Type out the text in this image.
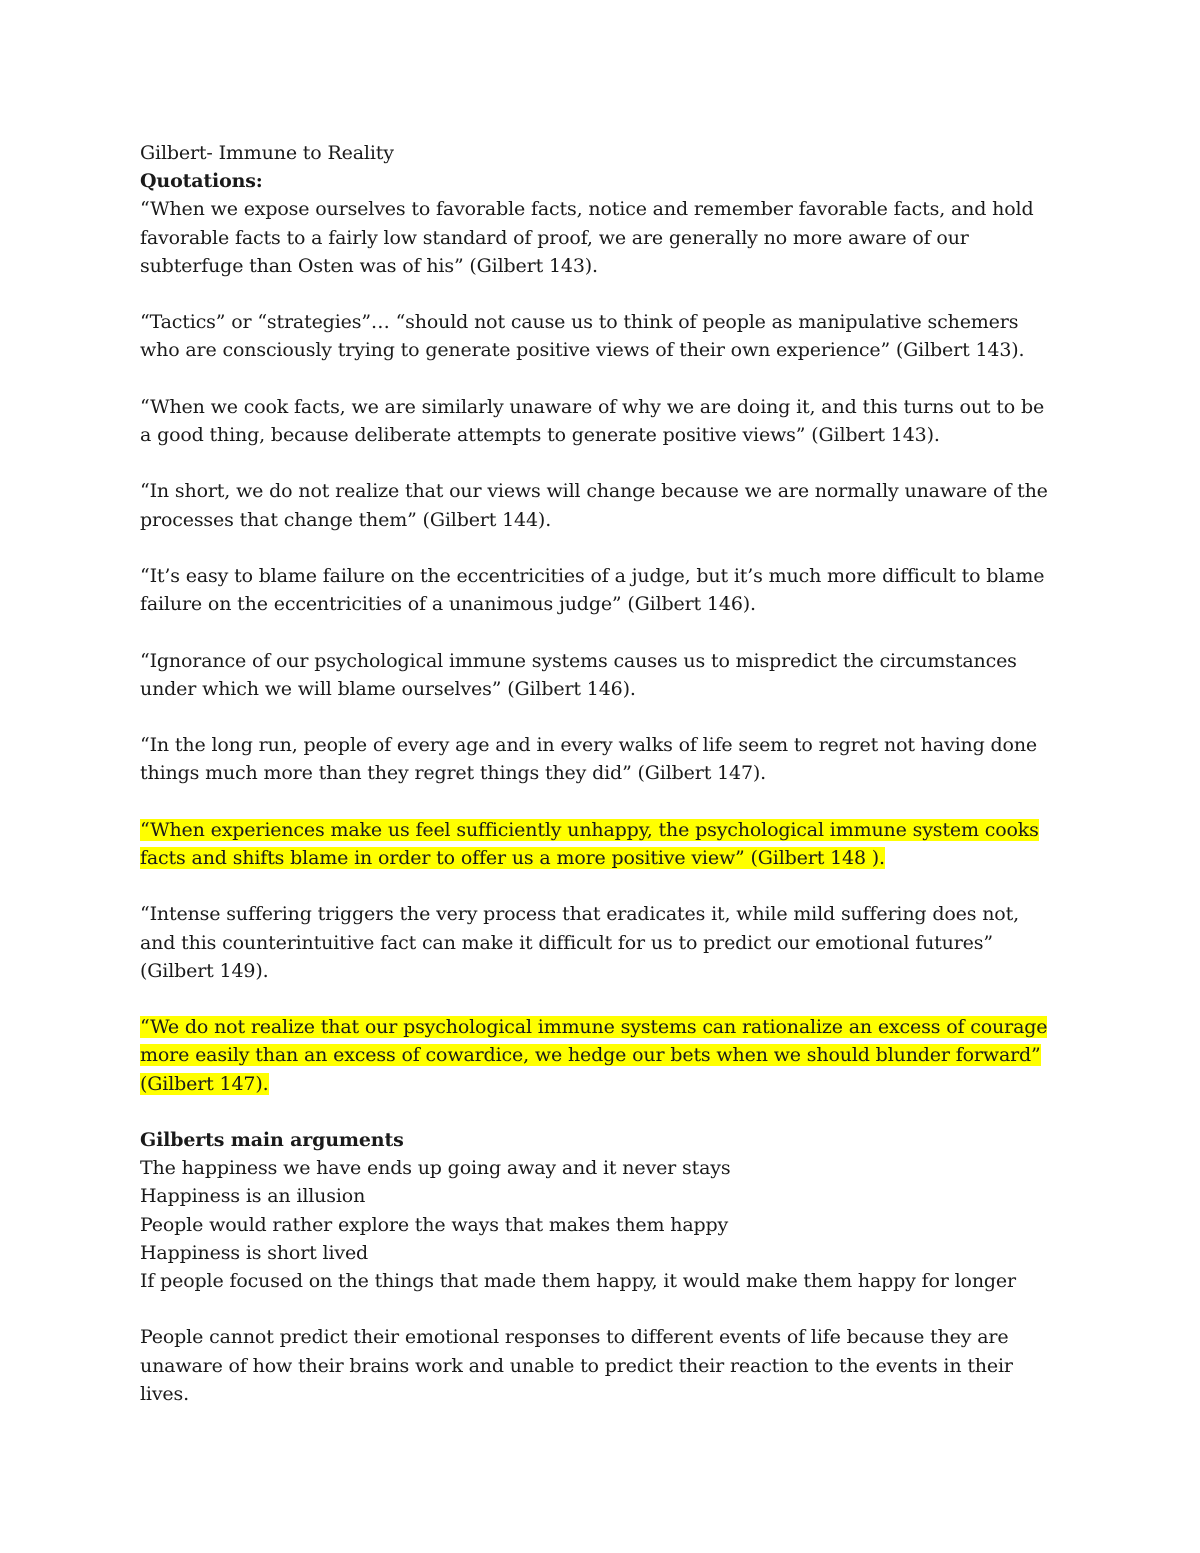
Gilbert- Immune to Reality
Quotations:

“When we expose ourselves to favorable facts, notice and remember favorable facts, and hold favorable facts to a fairly low standard of proof, we are generally no more aware of our subterfuge than Osten was of his” (Gilbert 143).

“Tactics” or “strategies”… “should not cause us to think of people as manipulative schemers who are consciously trying to generate positive views of their own experience” (Gilbert 143).

“When we cook facts, we are similarly unaware of why we are doing it, and this turns out to be a good thing, because deliberate attempts to generate positive views” (Gilbert 143).

“In short, we do not realize that our views will change because we are normally unaware of the processes that change them” (Gilbert 144).

“It’s easy to blame failure on the eccentricities of a judge, but it’s much more difficult to blame failure on the eccentricities of a unanimous judge” (Gilbert 146).

“Ignorance of our psychological immune systems causes us to mispredict the circumstances under which we will blame ourselves” (Gilbert 146).

“In the long run, people of every age and in every walks of life seem to regret not having done things much more than they regret things they did” (Gilbert 147).

“When experiences make us feel sufficiently unhappy, the psychological immune system cooks facts and shifts blame in order to offer us a more positive view” (Gilbert 148 ).

“Intense suffering triggers the very process that eradicates it, while mild suffering does not, and this counterintuitive fact can make it difficult for us to predict our emotional futures” (Gilbert 149).

“We do not realize that our psychological immune systems can rationalize an excess of courage more easily than an excess of cowardice, we hedge our bets when we should blunder forward” (Gilbert 147).

Gilberts main arguments
The happiness we have ends up going away and it never stays
Happiness is an illusion
People would rather explore the ways that makes them happy
Happiness is short lived
If people focused on the things that made them happy, it would make them happy for longer

People cannot predict their emotional responses to different events of life because they are unaware of how their brains work and unable to predict their reaction to the events in their lives.
